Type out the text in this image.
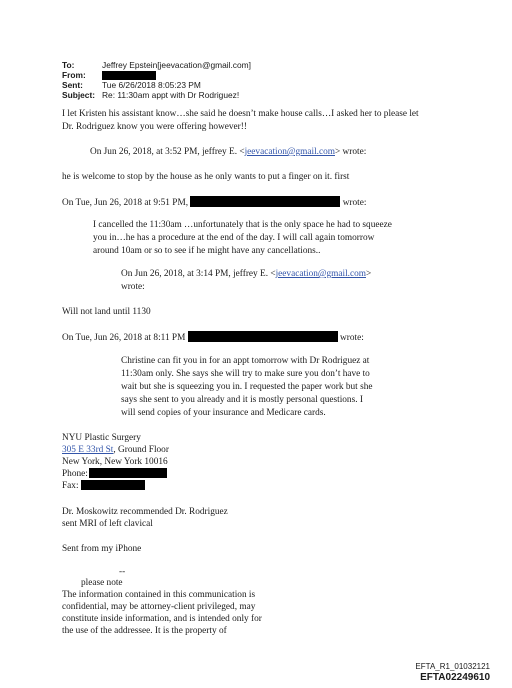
To:	Jeffrey Epstein[jeevacation@gmail.com]
From:
Sent: Tue 6/26/2018 8:05:23 PM
Subject: Re: 11:30am appt with Dr Rodriguez!
I let Kristen his assistant know…she said he doesn’t make house calls…I asked her to please let
Dr. Rodriguez know you were offering however!!
On Jun 26, 2018, at 3:52 PM, jeffrey E. <jeevacation@gmail.com> wrote:
he is welcome to stop by the house as he only wants to put a finger on it. first
On Tue, Jun 26, 2018 at 9:51 PM,	wrote:
I cancelled the 11:30am …unfortunately that is the only space he had to squeeze
you in…he has a procedure at the end of the day. I will call again tomorrow
around 10am or so to see if he might have any cancellations..
On Jun 26, 2018, at 3:14 PM, jeffrey E. <jeevacation@gmail.com>
wrote:
Will not land until 1130
On Tue, Jun 26, 2018 at 8:11 PM	wrote:
Christine can fit you in for an appt tomorrow with Dr Rodriguez at
11:30am only. She says she will try to make sure you don’t have to
wait but she is squeezing you in. I requested the paper work but she
says she sent to you already and it is mostly personal questions. I
will send copies of your insurance and Medicare cards.
NYU Plastic Surgery
305 E 33rd St, Ground Floor
New York, New York 10016
Phone:
Fax:
Dr. Moskowitz recommended Dr. Rodriguez
sent MRI of left clavical
Sent from my iPhone
--
please note
The information contained in this communication is
confidential, may be attorney-client privileged, may
constitute inside information, and is intended only for
the use of the addressee. It is the property of
EFTA_R1_01032121
EFTA02249610
